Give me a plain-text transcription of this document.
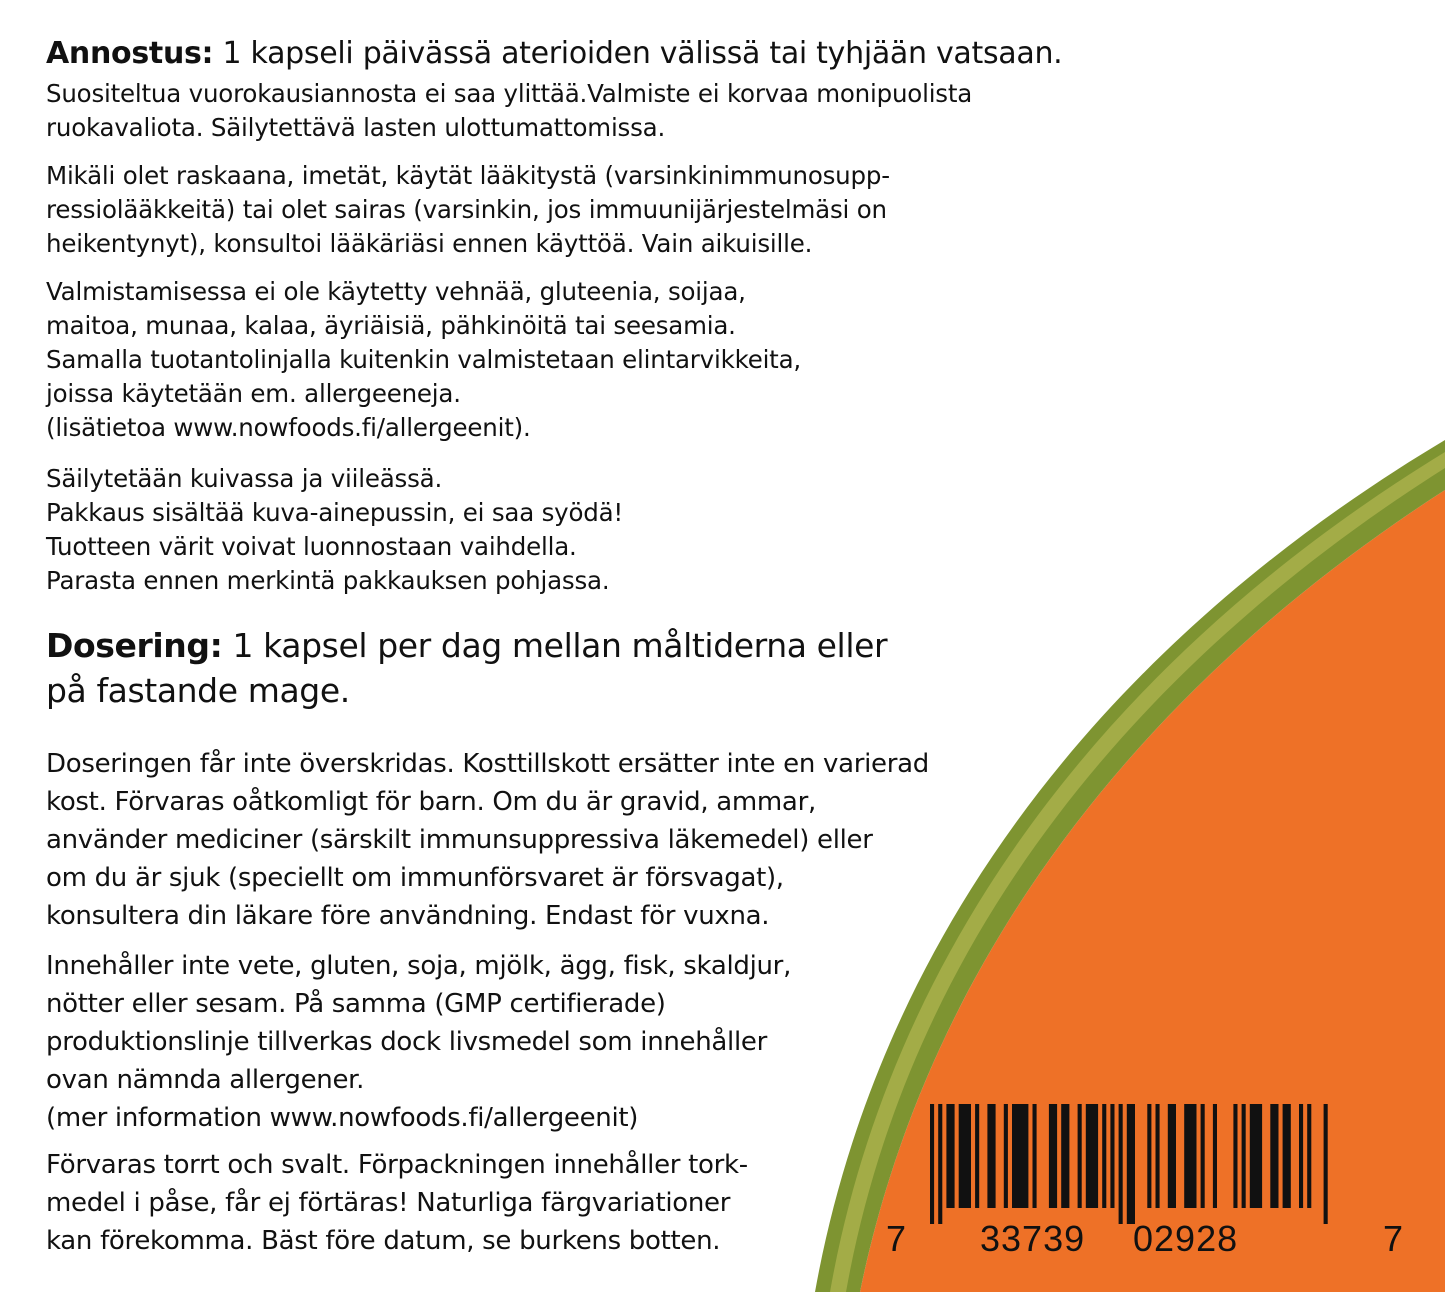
Annostus: 1 kapseli päivässä aterioiden välissä tai tyhjään vatsaan.
Suositeltua vuorokausiannosta ei saa ylittää.Valmiste ei korvaa monipuolista
ruokavaliota. Säilytettävä lasten ulottumattomissa.
Mikäli olet raskaana, imetät, käytät lääkitystä (varsinkinimmunosupp-
ressiolääkkeitä) tai olet sairas (varsinkin, jos immuunijärjestelmäsi on
heikentynyt), konsultoi lääkäriäsi ennen käyttöä. Vain aikuisille.
Valmistamisessa ei ole käytetty vehnää, gluteenia, soijaa,
maitoa, munaa, kalaa, äyriäisiä, pähkinöitä tai seesamia.
Samalla tuotantolinjalla kuitenkin valmistetaan elintarvikkeita,
joissa käytetään em. allergeeneja.
(lisätietoa www.nowfoods.fi/allergeenit).
Säilytetään kuivassa ja viileässä.
Pakkaus sisältää kuva-ainepussin, ei saa syödä!
Tuotteen värit voivat luonnostaan vaihdella.
Parasta ennen merkintä pakkauksen pohjassa.
Dosering: 1 kapsel per dag mellan måltiderna eller
på fastande mage.
Doseringen får inte överskridas. Kosttillskott ersätter inte en varierad
kost. Förvaras oåtkomligt för barn. Om du är gravid, ammar,
använder mediciner (särskilt immunsuppressiva läkemedel) eller
om du är sjuk (speciellt om immunförsvaret är försvagat),
konsultera din läkare före användning. Endast för vuxna.
Innehåller inte vete, gluten, soja, mjölk, ägg, fisk, skaldjur,
nötter eller sesam. På samma (GMP certifierade)
produktionslinje tillverkas dock livsmedel som innehåller
ovan nämnda allergener.
(mer information www.nowfoods.fi/allergeenit)
Förvaras torrt och svalt. Förpackningen innehåller tork-
medel i påse, får ej förtäras! Naturliga färgvariationer
kan förekomma. Bäst före datum, se burkens botten.	7 33739 02928	7
